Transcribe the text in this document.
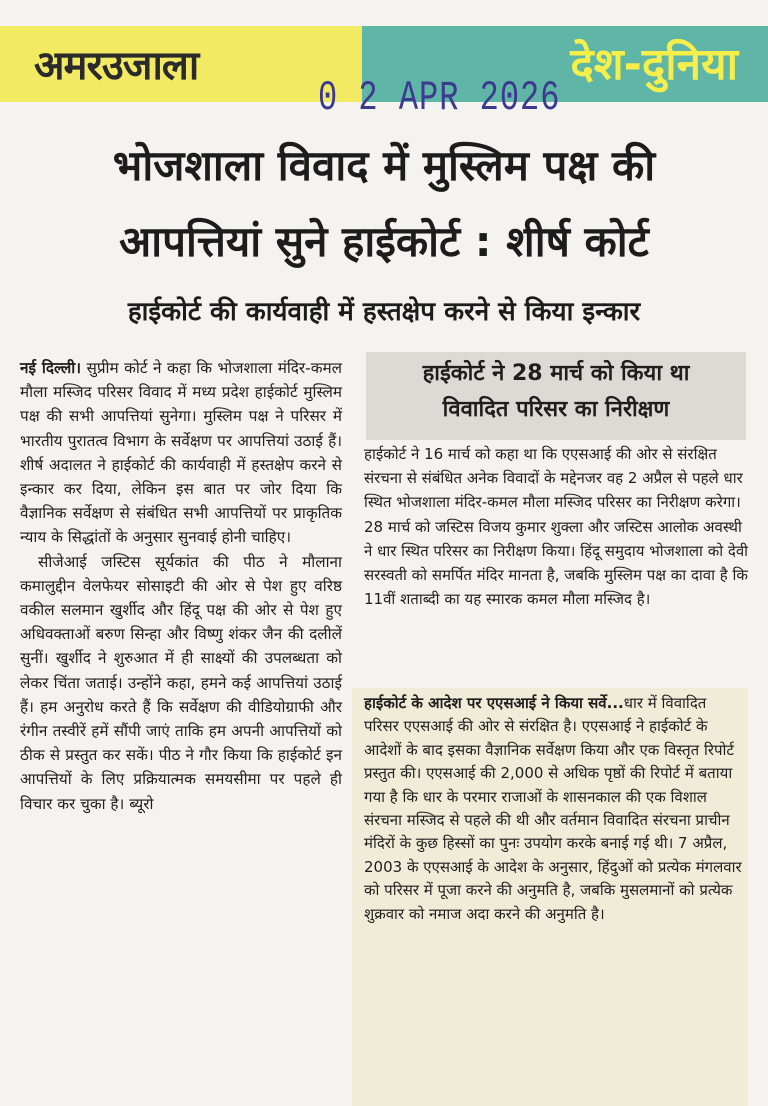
अमरउजाला	देश-दुनिया
0 2 APR 2026
भोजशाला विवाद में मुस्लिम पक्ष की
आपत्तियां सुने हाईकोर्ट : शीर्ष कोर्ट
हाईकोर्ट की कार्यवाही में हस्तक्षेप करने से किया इन्कार

नई दिल्ली। सुप्रीम कोर्ट ने कहा कि भोजशाला मंदिर-कमल मौला मस्जिद परिसर विवाद में मध्य प्रदेश हाईकोर्ट मुस्लिम पक्ष की सभी आपत्तियां सुनेगा। मुस्लिम पक्ष ने परिसर में भारतीय पुरातत्व विभाग के सर्वेक्षण पर आपत्तियां उठाई हैं। शीर्ष अदालत ने हाईकोर्ट की कार्यवाही में हस्तक्षेप करने से इन्कार कर दिया, लेकिन इस बात पर जोर दिया कि वैज्ञानिक सर्वेक्षण से संबंधित सभी आपत्तियों पर प्राकृतिक न्याय के सिद्धांतों के अनुसार सुनवाई होनी चाहिए।

सीजेआई जस्टिस सूर्यकांत की पीठ ने मौलाना कमालुद्दीन वेलफेयर सोसाइटी की ओर से पेश हुए वरिष्ठ वकील सलमान खुर्शीद और हिंदू पक्ष की ओर से पेश हुए अधिवक्ताओं बरुण सिन्हा और विष्णु शंकर जैन की दलीलें सुनीं। खुर्शीद ने शुरुआत में ही साक्ष्यों की उपलब्धता को लेकर चिंता जताई। उन्होंने कहा, हमने कई आपत्तियां उठाई हैं। हम अनुरोध करते हैं कि सर्वेक्षण की वीडियोग्राफी और रंगीन तस्वीरें हमें सौंपी जाएं ताकि हम अपनी आपत्तियों को ठीक से प्रस्तुत कर सकें। पीठ ने गौर किया कि हाईकोर्ट इन आपत्तियों के लिए प्रक्रियात्मक समयसीमा पर पहले ही विचार कर चुका है। ब्यूरो

हाईकोर्ट ने 28 मार्च को किया था
विवादित परिसर का निरीक्षण

हाईकोर्ट ने 16 मार्च को कहा था कि एएसआई की ओर से संरक्षित संरचना से संबंधित अनेक विवादों के मद्देनजर वह 2 अप्रैल से पहले धार स्थित भोजशाला मंदिर-कमल मौला मस्जिद परिसर का निरीक्षण करेगा। 28 मार्च को जस्टिस विजय कुमार शुक्ला और जस्टिस आलोक अवस्थी ने धार स्थित परिसर का निरीक्षण किया। हिंदू समुदाय भोजशाला को देवी सरस्वती को समर्पित मंदिर मानता है, जबकि मुस्लिम पक्ष का दावा है कि 11वीं शताब्दी का यह स्मारक कमल मौला मस्जिद है।

हाईकोर्ट के आदेश पर एएसआई ने किया सर्वे...धार में विवादित परिसर एएसआई की ओर से संरक्षित है। एएसआई ने हाईकोर्ट के आदेशों के बाद इसका वैज्ञानिक सर्वेक्षण किया और एक विस्तृत रिपोर्ट प्रस्तुत की। एएसआई की 2,000 से अधिक पृष्ठों की रिपोर्ट में बताया गया है कि धार के परमार राजाओं के शासनकाल की एक विशाल संरचना मस्जिद से पहले की थी और वर्तमान विवादित संरचना प्राचीन मंदिरों के कुछ हिस्सों का पुनः उपयोग करके बनाई गई थी। 7 अप्रैल, 2003 के एएसआई के आदेश के अनुसार, हिंदुओं को प्रत्येक मंगलवार को परिसर में पूजा करने की अनुमति है, जबकि मुसलमानों को प्रत्येक शुक्रवार को नमाज अदा करने की अनुमति है।
